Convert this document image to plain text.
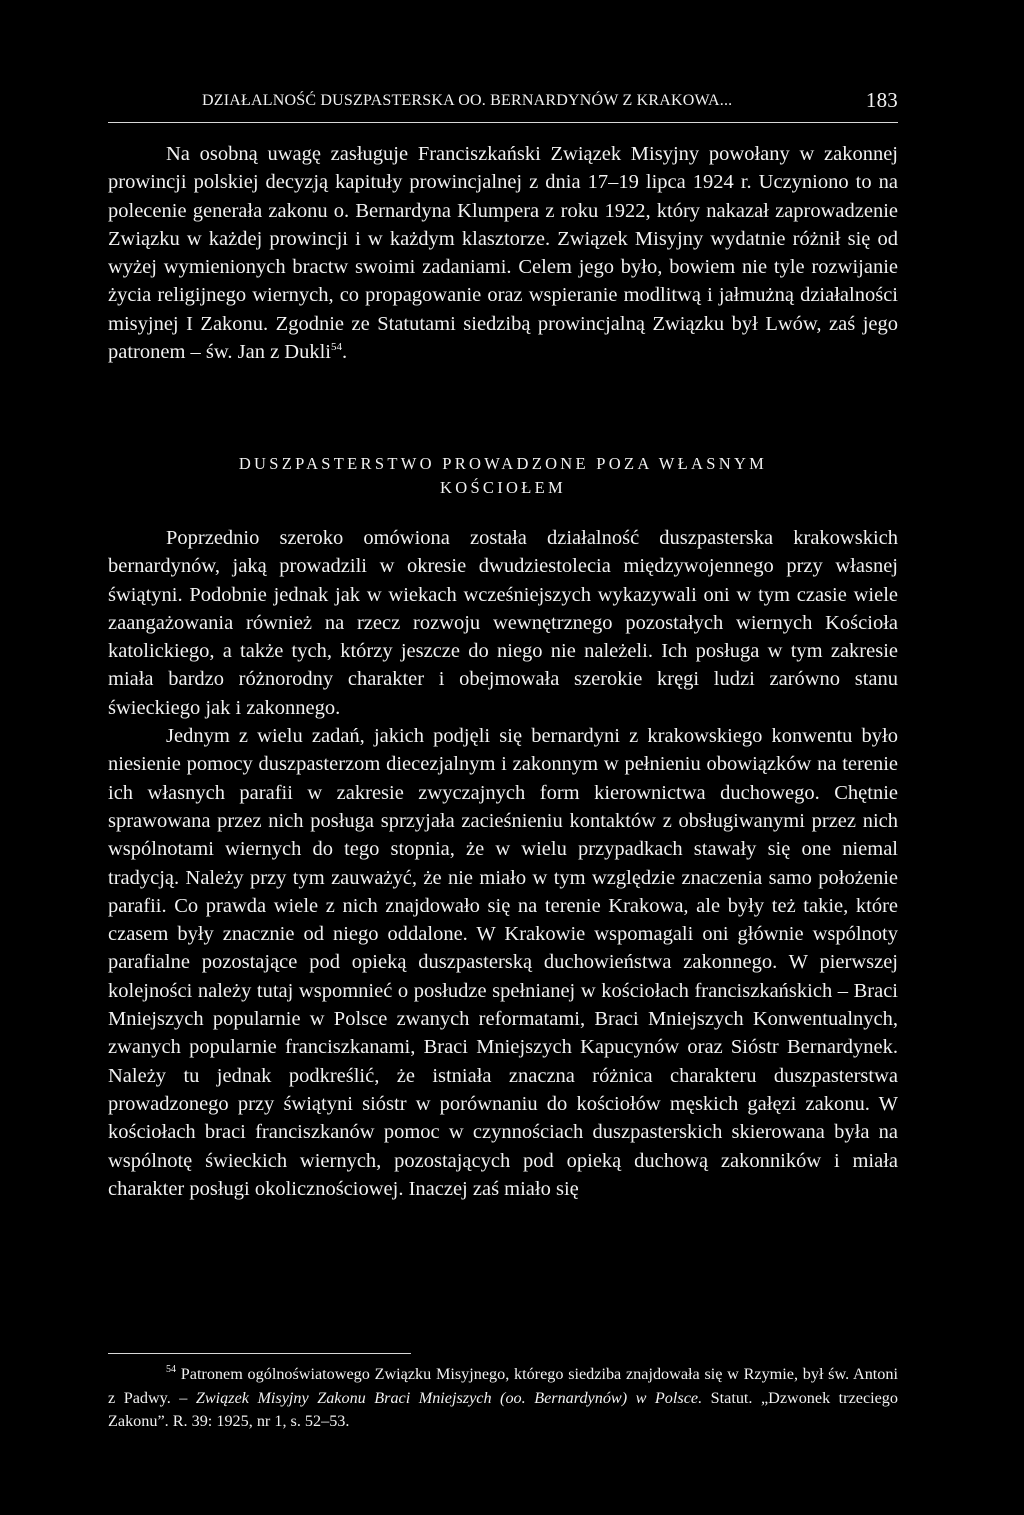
DZIAŁALNOŚĆ DUSZPASTERSKA OO. BERNARDYNÓW Z KRAKOWA...	183

Na osobną uwagę zasługuje Franciszkański Związek Misyjny powołany w zakonnej prowincji polskiej decyzją kapituły prowincjalnej z dnia 17–19 lipca 1924 r. Uczyniono to na polecenie generała zakonu o. Bernardyna Klumpera z roku 1922, który nakazał zaprowadzenie Związku w każdej prowincji i w każdym klasztorze. Związek Misyjny wydatnie różnił się od wyżej wymienionych bractw swoimi zadaniami. Celem jego było, bowiem nie tyle rozwijanie życia religijnego wiernych, co propagowanie oraz wspieranie modlitwą i jałmużną działalności misyjnej I Zakonu. Zgodnie ze Statutami siedzibą prowincjalną Związku był Lwów, zaś jego patronem – św. Jan z Dukli$^{54}$.

DUSZPASTERSTWO PROWADZONE POZA WŁASNYM
KOŚCIOŁEM

Poprzednio szeroko omówiona została działalność duszpasterska krakowskich bernardynów, jaką prowadzili w okresie dwudziestolecia międzywojennego przy własnej świątyni. Podobnie jednak jak w wiekach wcześniejszych wykazywali oni w tym czasie wiele zaangażowania również na rzecz rozwoju wewnętrznego pozostałych wiernych Kościoła katolickiego, a także tych, którzy jeszcze do niego nie należeli. Ich posługa w tym zakresie miała bardzo różnorodny charakter i obejmowała szerokie kręgi ludzi zarówno stanu świeckiego jak i zakonnego.

Jednym z wielu zadań, jakich podjęli się bernardyni z krakowskiego konwentu było niesienie pomocy duszpasterzom diecezjalnym i zakonnym w pełnieniu obowiązków na terenie ich własnych parafii w zakresie zwyczajnych form kierownictwa duchowego. Chętnie sprawowana przez nich posługa sprzyjała zacieśnieniu kontaktów z obsługiwanymi przez nich wspólnotami wiernych do tego stopnia, że w wielu przypadkach stawały się one niemal tradycją. Należy przy tym zauważyć, że nie miało w tym względzie znaczenia samo położenie parafii. Co prawda wiele z nich znajdowało się na terenie Krakowa, ale były też takie, które czasem były znacznie od niego oddalone. W Krakowie wspomagali oni głównie wspólnoty parafialne pozostające pod opieką duszpasterską duchowieństwa zakonnego. W pierwszej kolejności należy tutaj wspomnieć o posłudze spełnianej w kościołach franciszkańskich – Braci Mniejszych popularnie w Polsce zwanych reformatami, Braci Mniejszych Konwentualnych, zwanych popularnie franciszkanami, Braci Mniejszych Kapucynów oraz Sióstr Bernardynek. Należy tu jednak podkreślić, że istniała znaczna różnica charakteru duszpasterstwa prowadzonego przy świątyni sióstr w porównaniu do kościołów męskich gałęzi zakonu. W kościołach braci franciszkanów pomoc w czynnościach duszpasterskich skierowana była na wspólnotę świeckich wiernych, pozostających pod opieką duchową zakonników i miała charakter posługi okolicznościowej. Inaczej zaś miało się

$^{54}$ Patronem ogólnoświatowego Związku Misyjnego, którego siedziba znajdowała się w Rzymie, był św. Antoni z Padwy. – Związek Misyjny Zakonu Braci Mniejszych (oo. Bernardynów) w Polsce. Statut. „Dzwonek trzeciego Zakonu”. R. 39: 1925, nr 1, s. 52–53.
